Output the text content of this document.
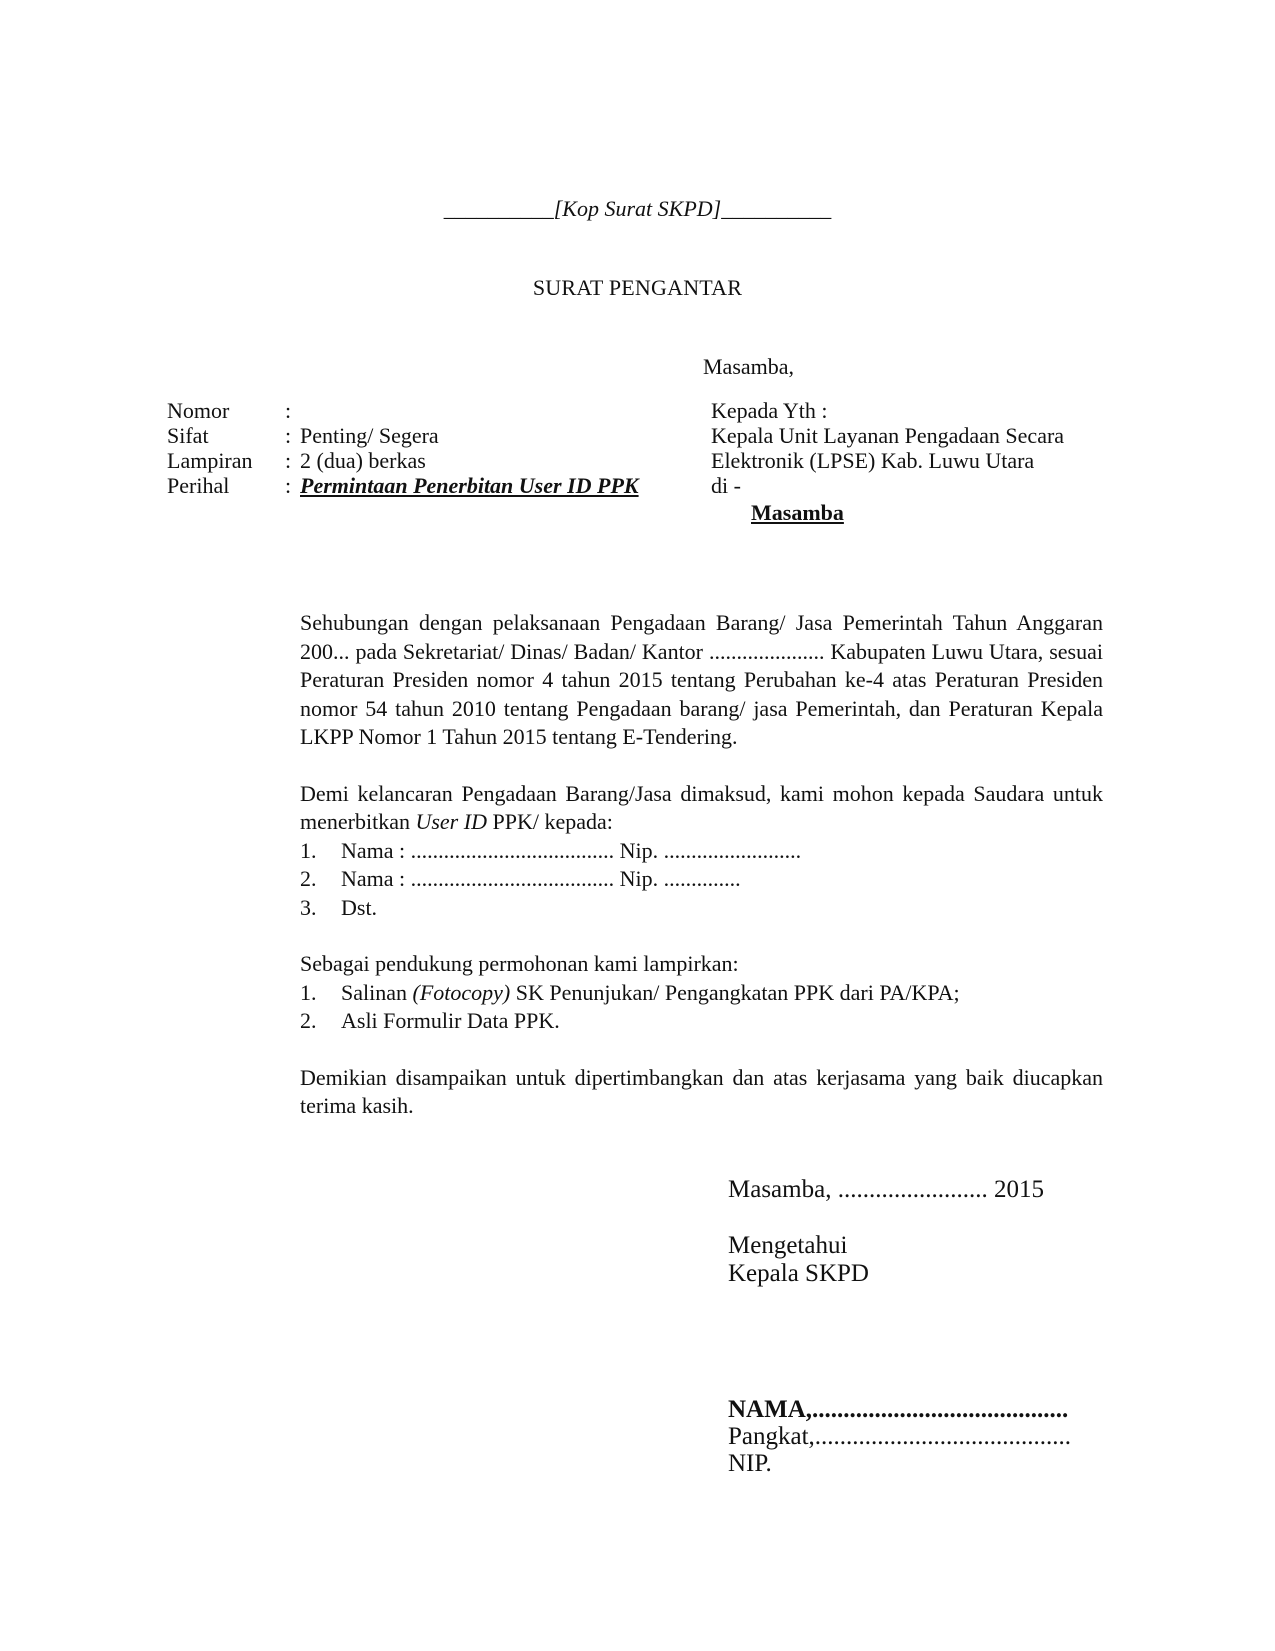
__________[Kop Surat SKPD]__________
SURAT PENGANTAR
Masamba,
Nomor	:
Sifat	: Penting/ Segera
Lampiran	: 2 (dua) berkas
Perihal	: Permintaan Penerbitan User ID PPK
Kepada Yth :
Kepala Unit Layanan Pengadaan Secara
Elektronik (LPSE) Kab. Luwu Utara
di -
Masamba

Sehubungan dengan pelaksanaan Pengadaan Barang/ Jasa Pemerintah Tahun Anggaran 200... pada Sekretariat/ Dinas/ Badan/ Kantor ..................... Kabupaten Luwu Utara, sesuai Peraturan Presiden nomor 4 tahun 2015 tentang Perubahan ke-4 atas Peraturan Presiden nomor 54 tahun 2010 tentang Pengadaan barang/ jasa Pemerintah, dan Peraturan Kepala LKPP Nomor 1 Tahun 2015 tentang E-Tendering.

Demi kelancaran Pengadaan Barang/Jasa dimaksud, kami mohon kepada Saudara untuk menerbitkan User ID PPK/ kepada:

1.	Nama : ..................................... Nip. .........................
2.	Nama : ..................................... Nip. ..............
3.	Dst.

Sebagai pendukung permohonan kami lampirkan:

1.	Salinan (Fotocopy) SK Penunjukan/ Pengangkatan PPK dari PA/KPA;
2.	Asli Formulir Data PPK.

Demikian disampaikan untuk dipertimbangkan dan atas kerjasama yang baik diucapkan terima kasih.

Masamba, ........................ 2015
Mengetahui
Kepala SKPD
NAMA,.........................................
Pangkat,.........................................
NIP.
